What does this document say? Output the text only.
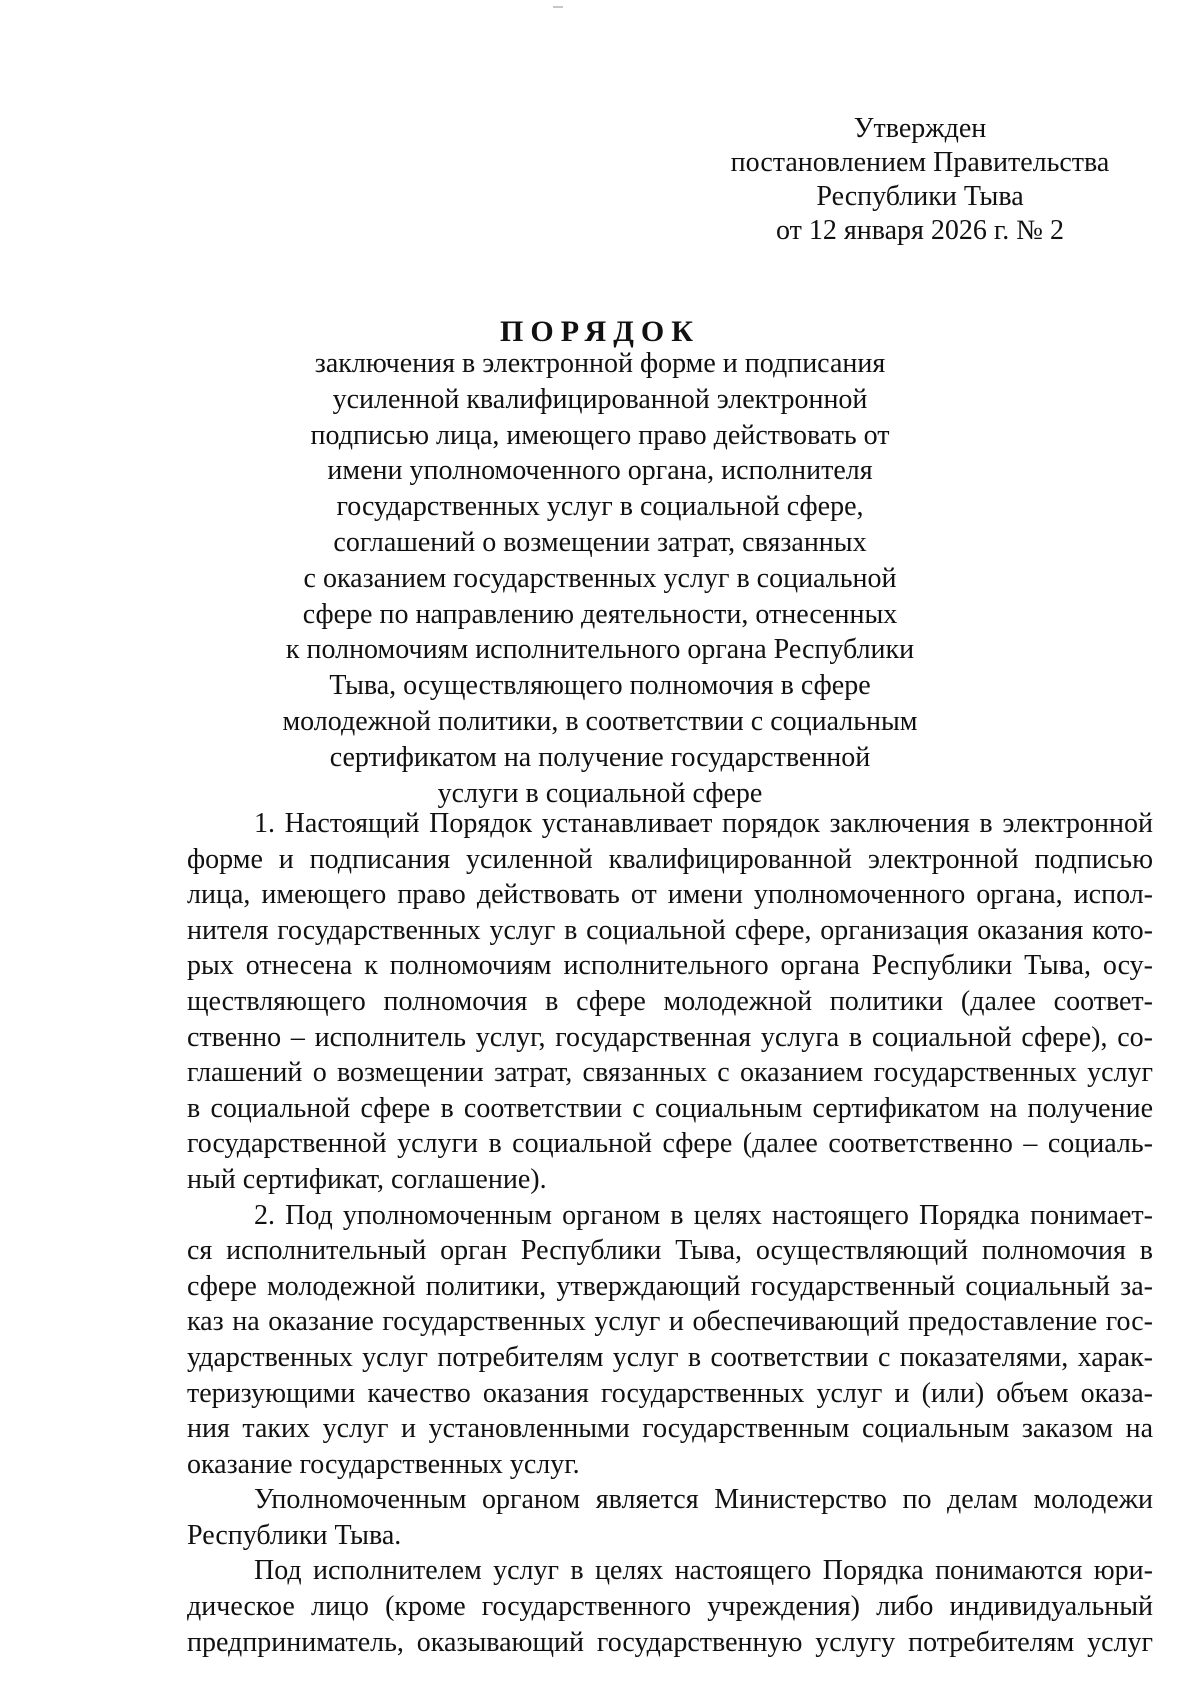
Утвержден
постановлением Правительства
Республики Тыва
от 12 января 2026 г. № 2
ПОРЯДОК
заключения в электронной форме и подписания
усиленной квалифицированной электронной
подписью лица, имеющего право действовать от
имени уполномоченного органа, исполнителя
государственных услуг в социальной сфере,
соглашений о возмещении затрат, связанных
с оказанием государственных услуг в социальной
сфере по направлению деятельности, отнесенных
к полномочиям исполнительного органа Республики
Тыва, осуществляющего полномочия в сфере
молодежной политики, в соответствии с социальным
сертификатом на получение государственной
услуги в социальной сфере
1. Настоящий Порядок устанавливает порядок заключения в электронной
форме и подписания усиленной квалифицированной электронной подписью
лица, имеющего право действовать от имени уполномоченного органа, испол-
нителя государственных услуг в социальной сфере, организация оказания кото-
рых отнесена к полномочиям исполнительного органа Республики Тыва, осу-
ществляющего полномочия в сфере молодежной политики (далее соответ-
ственно – исполнитель услуг, государственная услуга в социальной сфере), со-
глашений о возмещении затрат, связанных с оказанием государственных услуг
в социальной сфере в соответствии с социальным сертификатом на получение
государственной услуги в социальной сфере (далее соответственно – социаль-
ный сертификат, соглашение).
2. Под уполномоченным органом в целях настоящего Порядка понимает-
ся исполнительный орган Республики Тыва, осуществляющий полномочия в
сфере молодежной политики, утверждающий государственный социальный за-
каз на оказание государственных услуг и обеспечивающий предоставление гос-
ударственных услуг потребителям услуг в соответствии с показателями, харак-
теризующими качество оказания государственных услуг и (или) объем оказа-
ния таких услуг и установленными государственным социальным заказом на
оказание государственных услуг.
Уполномоченным органом является Министерство по делам молодежи
Республики Тыва.
Под исполнителем услуг в целях настоящего Порядка понимаются юри-
дическое лицо (кроме государственного учреждения) либо индивидуальный
предприниматель, оказывающий государственную услугу потребителям услуг
